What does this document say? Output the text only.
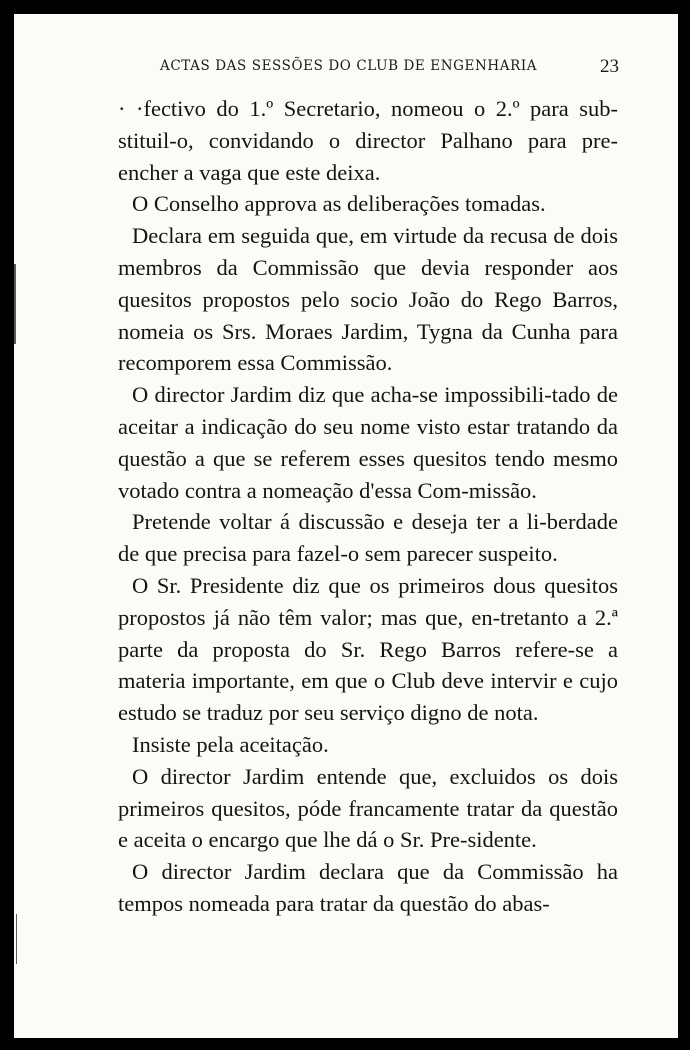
ACTAS DAS SESSÕES DO CLUB DE ENGENHARIA	23

· ·fectivo do 1.º Secretario, nomeou o 2.º para sub-stituil-o, convidando o director Palhano para pre-encher a vaga que este deixa.

O Conselho approva as deliberações tomadas.

Declara em seguida que, em virtude da recusa de dois membros da Commissão que devia responder aos quesitos propostos pelo socio João do Rego Barros, nomeia os Srs. Moraes Jardim, Tygna da Cunha para recomporem essa Commissão.

O director Jardim diz que acha-se impossibili-tado de aceitar a indicação do seu nome visto estar tratando da questão a que se referem esses quesitos tendo mesmo votado contra a nomeação d'essa Com-missão.

Pretende voltar á discussão e deseja ter a li-berdade de que precisa para fazel-o sem parecer suspeito.

O Sr. Presidente diz que os primeiros dous quesitos propostos já não têm valor; mas que, en-tretanto a 2.ª parte da proposta do Sr. Rego Barros refere-se a materia importante, em que o Club deve intervir e cujo estudo se traduz por seu serviço digno de nota.

Insiste pela aceitação.

O director Jardim entende que, excluidos os dois primeiros quesitos, póde francamente tratar da questão e aceita o encargo que lhe dá o Sr. Pre-sidente.

O director Jardim declara que da Commissão ha tempos nomeada para tratar da questão do abas-
